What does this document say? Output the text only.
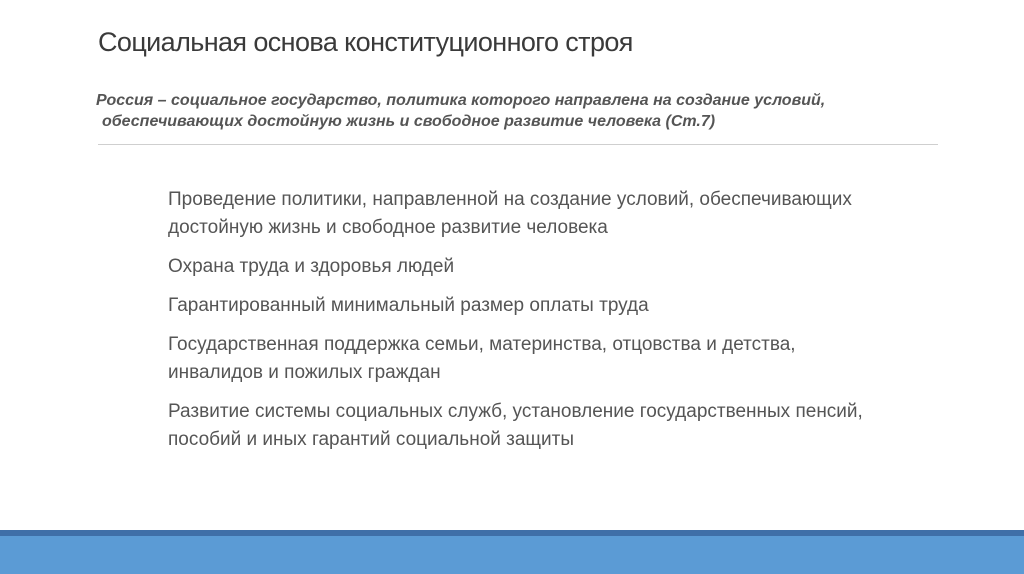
Социальная основа конституционного строя
Россия – социальное государство, политика которого направлена на создание условий,
обеспечивающих достойную жизнь и свободное развитие человека (Ст.7)
Проведение политики, направленной на создание условий, обеспечивающих достойную жизнь и свободное развитие человека
Охрана труда и здоровья людей
Гарантированный минимальный размер оплаты труда
Государственная поддержка семьи, материнства, отцовства и детства, инвалидов и пожилых граждан
Развитие системы социальных служб, установление государственных пенсий, пособий и иных гарантий социальной защиты
